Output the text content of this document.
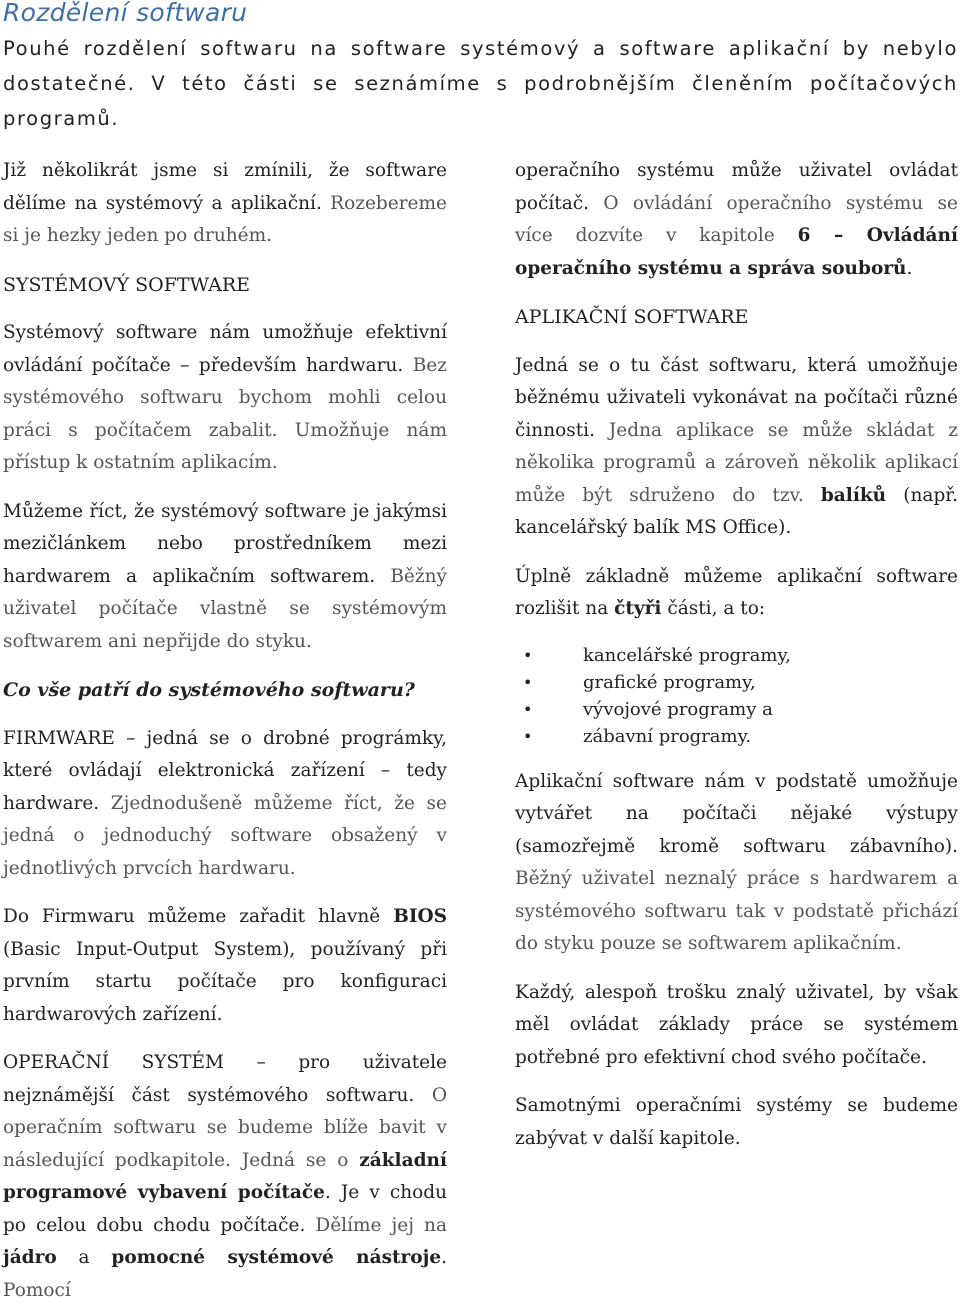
Rozdělení softwaru
Pouhé rozdělení softwaru na software systémový a software aplikační by nebylo dostatečné. V této části se seznámíme s podrobnějším členěním počítačových programů.

Již několikrát jsme si zmínili, že software dělíme na systémový a aplikační. Rozebereme si je hezky jeden po druhém.

SYSTÉMOVÝ SOFTWARE

Systémový software nám umožňuje efektivní ovládání počítače – především hardwaru. Bez systémového softwaru bychom mohli celou práci s počítačem zabalit. Umožňuje nám přístup k ostatním aplikacím.

Můžeme říct, že systémový software je jakýmsi mezičlánkem nebo prostředníkem mezi hardwarem a aplikačním softwarem. Běžný uživatel počítače vlastně se systémovým softwarem ani nepřijde do styku.

Co vše patří do systémového softwaru?

FIRMWARE – jedná se o drobné prográmky, které ovládají elektronická zařízení – tedy hardware. Zjednodušeně můžeme říct, že se jedná o jednoduchý software obsažený v jednotlivých prvcích hardwaru.

Do Firmwaru můžeme zařadit hlavně BIOS (Basic Input-Output System), používaný při prvním startu počítače pro konfiguraci hardwarových zařízení.

OPERAČNÍ SYSTÉM – pro uživatele nejznámější část systémového softwaru. O operačním softwaru se budeme blíže bavit v následující podkapitole. Jedná se o základní programové vybavení počítače. Je v chodu po celou dobu chodu počítače. Dělíme jej na jádro a pomocné systémové nástroje. Pomocí

operačního systému může uživatel ovládat počítač. O ovládání operačního systému se více dozvíte v kapitole 6 – Ovládání operačního systému a správa souborů.

APLIKAČNÍ SOFTWARE

Jedná se o tu část softwaru, která umožňuje běžnému uživateli vykonávat na počítači různé činnosti. Jedna aplikace se může skládat z několika programů a zároveň několik aplikací může být sdruženo do tzv. balíků (např. kancelářský balík MS Office).

Úplně základně můžeme aplikační software rozlišit na čtyři části, a to:

• kancelářské programy,
• grafické programy,
• vývojové programy a
• zábavní programy.

Aplikační software nám v podstatě umožňuje vytvářet na počítači nějaké výstupy (samozřejmě kromě softwaru zábavního). Běžný uživatel neznalý práce s hardwarem a systémového softwaru tak v podstatě přichází do styku pouze se softwarem aplikačním.

Každý, alespoň trošku znalý uživatel, by však měl ovládat základy práce se systémem potřebné pro efektivní chod svého počítače.

Samotnými operačními systémy se budeme zabývat v další kapitole.
